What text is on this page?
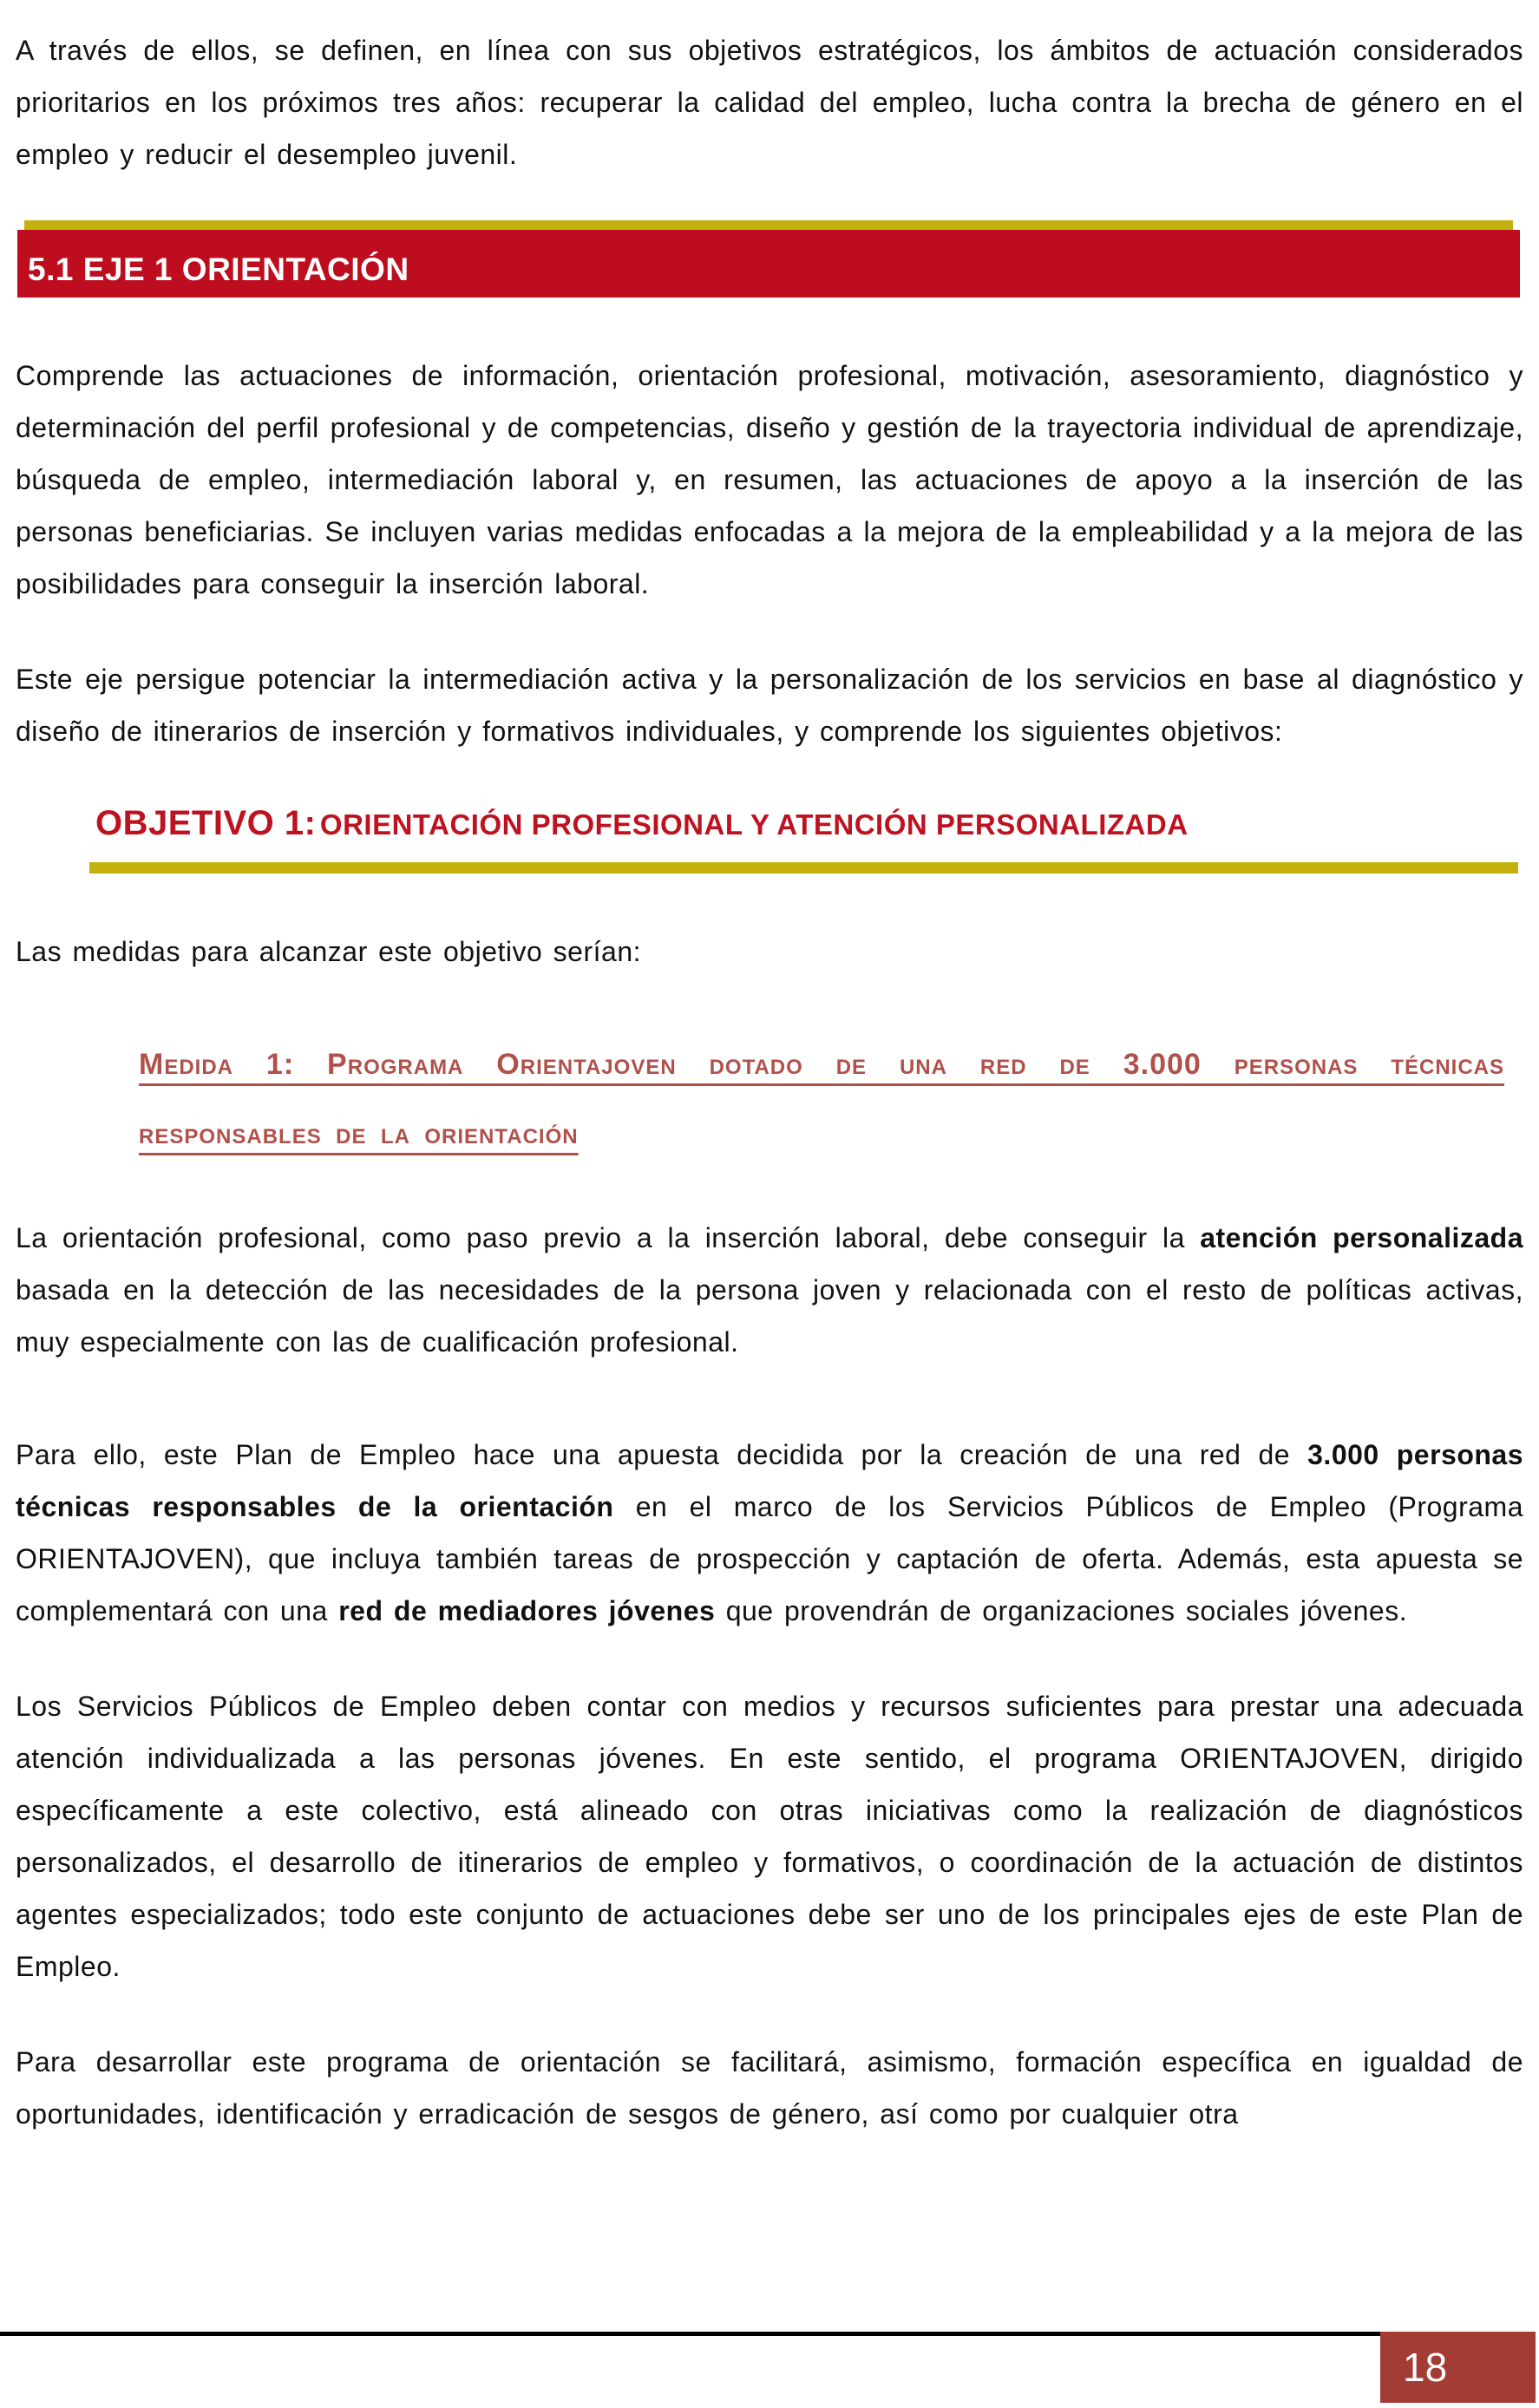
A través de ellos, se definen, en línea con sus objetivos estratégicos, los ámbitos de actuación considerados prioritarios en los próximos tres años: recuperar la calidad del empleo, lucha contra la brecha de género en el empleo y reducir el desempleo juvenil.

5.1 EJE 1 ORIENTACIÓN

Comprende las actuaciones de información, orientación profesional, motivación, asesoramiento, diagnóstico y determinación del perfil profesional y de competencias, diseño y gestión de la trayectoria individual de aprendizaje, búsqueda de empleo, intermediación laboral y, en resumen, las actuaciones de apoyo a la inserción de las personas beneficiarias. Se incluyen varias medidas enfocadas a la mejora de la empleabilidad y a la mejora de las posibilidades para conseguir la inserción laboral.

Este eje persigue potenciar la intermediación activa y la personalización de los servicios en base al diagnóstico y diseño de itinerarios de inserción y formativos individuales, y comprende los siguientes objetivos:

OBJETIVO 1: ORIENTACIÓN PROFESIONAL Y ATENCIÓN PERSONALIZADA

Las medidas para alcanzar este objetivo serían:

Medida 1: Programa Orientajoven dotado de una red de 3.000 personas técnicas
responsables de la orientación

La orientación profesional, como paso previo a la inserción laboral, debe conseguir la atención personalizada basada en la detección de las necesidades de la persona joven y relacionada con el resto de políticas activas, muy especialmente con las de cualificación profesional.

Para ello, este Plan de Empleo hace una apuesta decidida por la creación de una red de 3.000 personas técnicas responsables de la orientación en el marco de los Servicios Públicos de Empleo (Programa ORIENTAJOVEN), que incluya también tareas de prospección y captación de oferta. Además, esta apuesta se complementará con una red de mediadores jóvenes que provendrán de organizaciones sociales jóvenes.

Los Servicios Públicos de Empleo deben contar con medios y recursos suficientes para prestar una adecuada atención individualizada a las personas jóvenes. En este sentido, el programa ORIENTAJOVEN, dirigido específicamente a este colectivo, está alineado con otras iniciativas como la realización de diagnósticos personalizados, el desarrollo de itinerarios de empleo y formativos, o coordinación de la actuación de distintos agentes especializados; todo este conjunto de actuaciones debe ser uno de los principales ejes de este Plan de Empleo.

Para desarrollar este programa de orientación se facilitará, asimismo, formación específica en igualdad de oportunidades, identificación y erradicación de sesgos de género, así como por cualquier otra

18
